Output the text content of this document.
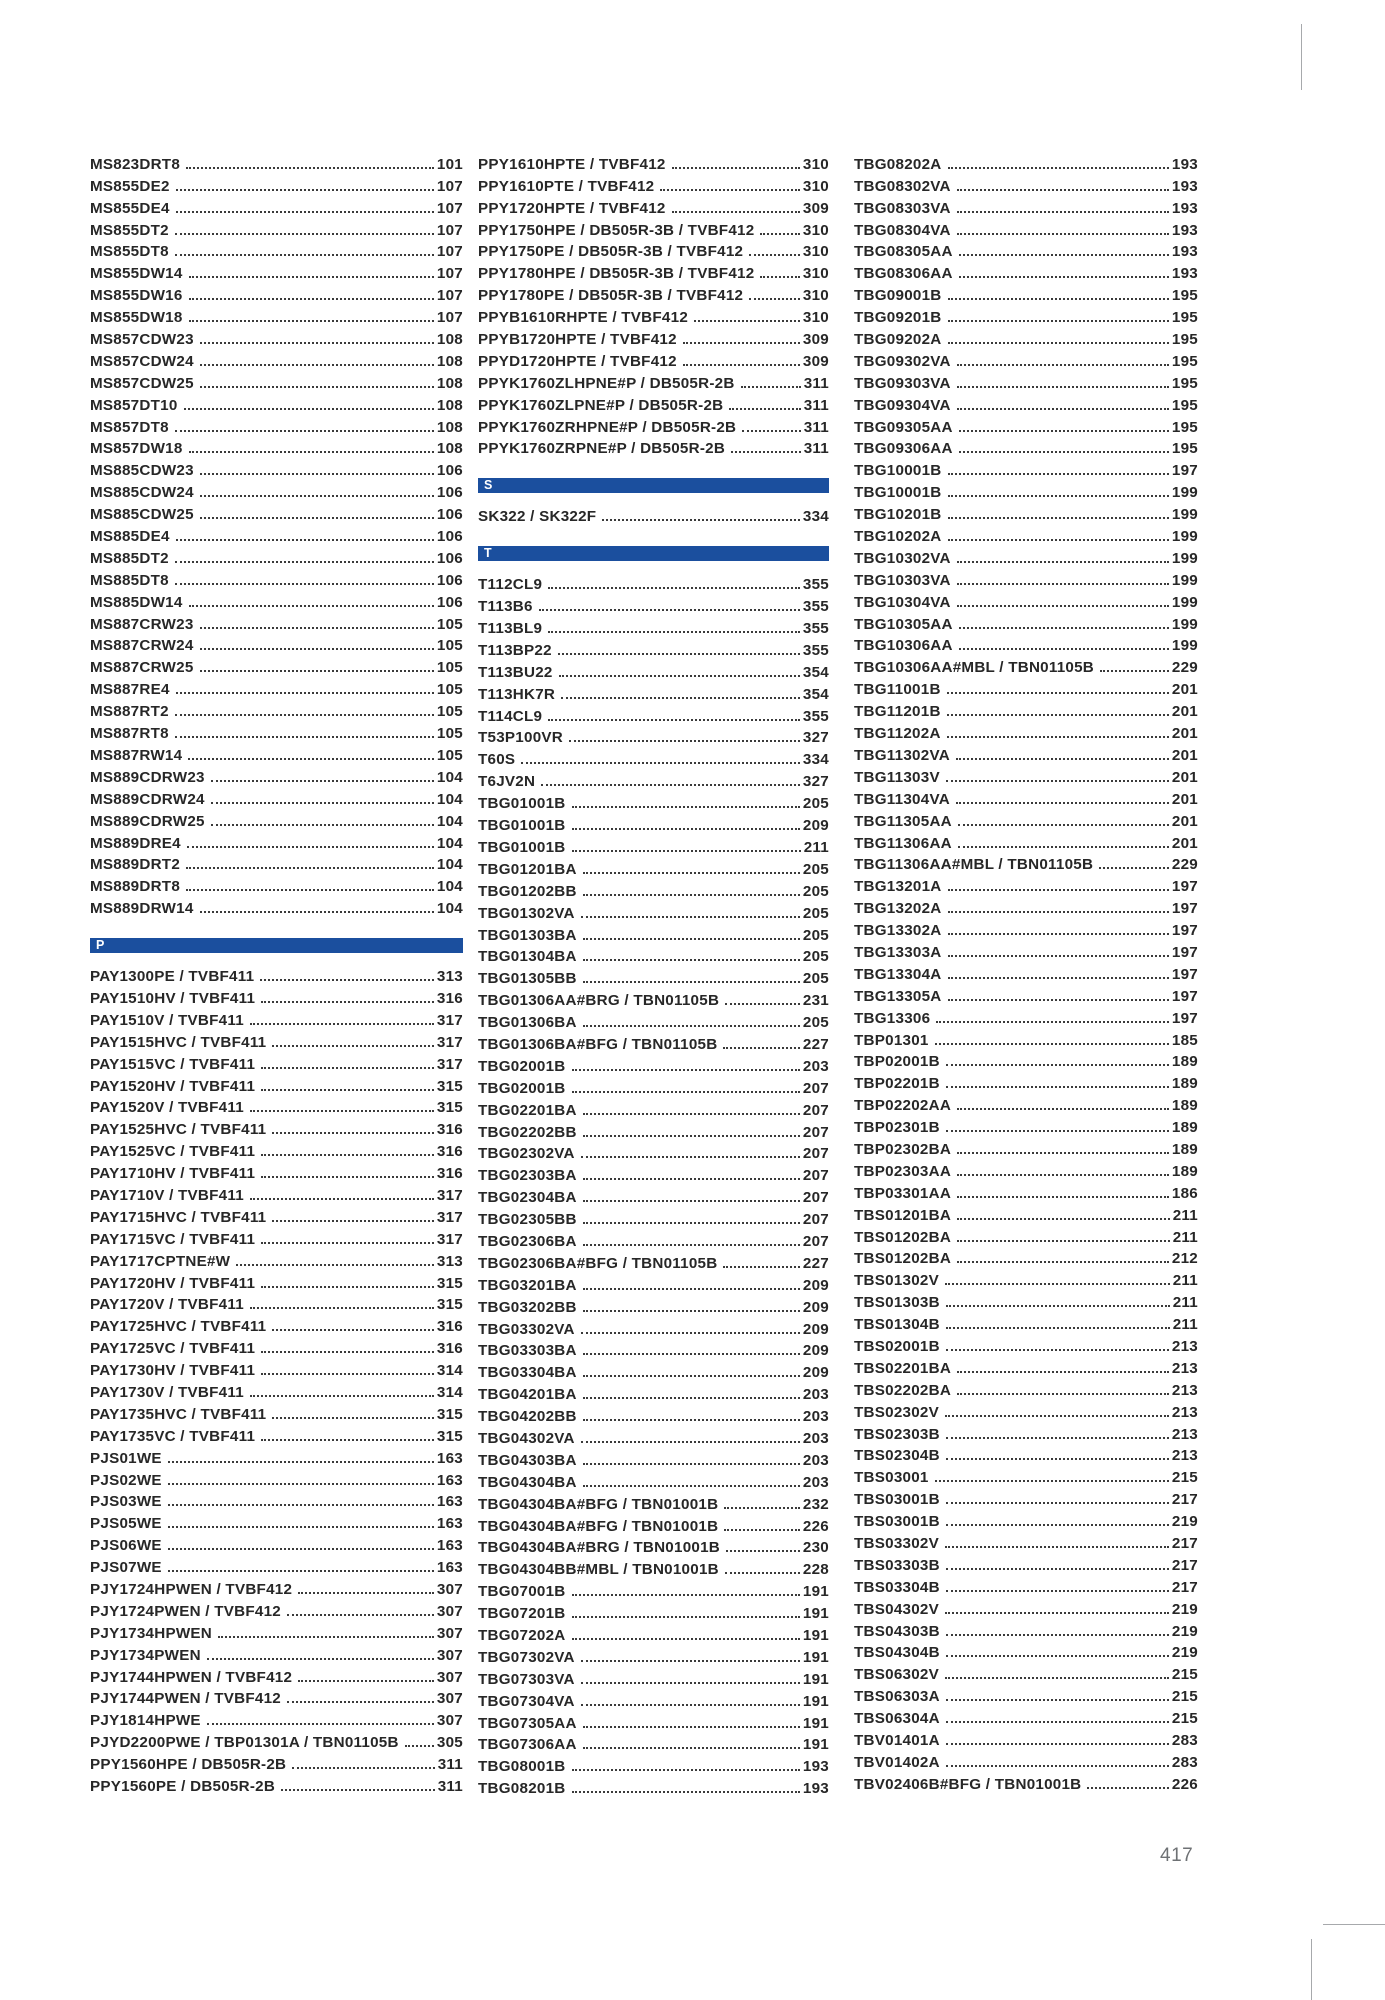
MS823DRT8	101
MS855DE2	107
MS855DE4	107
MS855DT2	107
MS855DT8	107
MS855DW14	107
MS855DW16	107
MS855DW18	107
MS857CDW23	108
MS857CDW24	108
MS857CDW25	108
MS857DT10	108
MS857DT8	108
MS857DW18	108
MS885CDW23	106
MS885CDW24	106
MS885CDW25	106
MS885DE4	106
MS885DT2	106
MS885DT8	106
MS885DW14	106
MS887CRW23	105
MS887CRW24	105
MS887CRW25	105
MS887RE4	105
MS887RT2	105
MS887RT8	105
MS887RW14	105
MS889CDRW23	104
MS889CDRW24	104
MS889CDRW25	104
MS889DRE4	104
MS889DRT2	104
MS889DRT8	104
MS889DRW14	104
P
PAY1300PE / TVBF411	313
PAY1510HV / TVBF411	316
PAY1510V / TVBF411	317
PAY1515HVC / TVBF411	317
PAY1515VC / TVBF411	317
PAY1520HV / TVBF411	315
PAY1520V / TVBF411	315
PAY1525HVC / TVBF411	316
PAY1525VC / TVBF411	316
PAY1710HV / TVBF411	316
PAY1710V / TVBF411	317
PAY1715HVC / TVBF411	317
PAY1715VC / TVBF411	317
PAY1717CPTNE#W	313
PAY1720HV / TVBF411	315
PAY1720V / TVBF411	315
PAY1725HVC / TVBF411	316
PAY1725VC / TVBF411	316
PAY1730HV / TVBF411	314
PAY1730V / TVBF411	314
PAY1735HVC / TVBF411	315
PAY1735VC / TVBF411	315
PJS01WE	163
PJS02WE	163
PJS03WE	163
PJS05WE	163
PJS06WE	163
PJS07WE	163
PJY1724HPWEN / TVBF412	307
PJY1724PWEN / TVBF412	307
PJY1734HPWEN	307
PJY1734PWEN	307
PJY1744HPWEN / TVBF412	307
PJY1744PWEN / TVBF412	307
PJY1814HPWE	307
PJYD2200PWE / TBP01301A / TBN01105B	305
PPY1560HPE / DB505R-2B	311
PPY1560PE / DB505R-2B	311
PPY1610HPTE / TVBF412	310
PPY1610PTE / TVBF412	310
PPY1720HPTE / TVBF412	309
PPY1750HPE / DB505R-3B / TVBF412	310
PPY1750PE / DB505R-3B / TVBF412	310
PPY1780HPE / DB505R-3B / TVBF412	310
PPY1780PE / DB505R-3B / TVBF412	310
PPYB1610RHPTE / TVBF412	310
PPYB1720HPTE / TVBF412	309
PPYD1720HPTE / TVBF412	309
PPYK1760ZLHPNE#P / DB505R-2B	311
PPYK1760ZLPNE#P / DB505R-2B	311
PPYK1760ZRHPNE#P / DB505R-2B	311
PPYK1760ZRPNE#P / DB505R-2B	311
S
SK322 / SK322F	334
T
T112CL9	355
T113B6	355
T113BL9	355
T113BP22	355
T113BU22	354
T113HK7R	354
T114CL9	355
T53P100VR	327
T60S	334
T6JV2N	327
TBG01001B	205
TBG01001B	209
TBG01001B	211
TBG01201BA	205
TBG01202BB	205
TBG01302VA	205
TBG01303BA	205
TBG01304BA	205
TBG01305BB	205
TBG01306AA#BRG / TBN01105B	231
TBG01306BA	205
TBG01306BA#BFG / TBN01105B	227
TBG02001B	203
TBG02001B	207
TBG02201BA	207
TBG02202BB	207
TBG02302VA	207
TBG02303BA	207
TBG02304BA	207
TBG02305BB	207
TBG02306BA	207
TBG02306BA#BFG / TBN01105B	227
TBG03201BA	209
TBG03202BB	209
TBG03302VA	209
TBG03303BA	209
TBG03304BA	209
TBG04201BA	203
TBG04202BB	203
TBG04302VA	203
TBG04303BA	203
TBG04304BA	203
TBG04304BA#BFG / TBN01001B	232
TBG04304BA#BFG / TBN01001B	226
TBG04304BA#BRG / TBN01001B	230
TBG04304BB#MBL / TBN01001B	228
TBG07001B	191
TBG07201B	191
TBG07202A	191
TBG07302VA	191
TBG07303VA	191
TBG07304VA	191
TBG07305AA	191
TBG07306AA	191
TBG08001B	193
TBG08201B	193
TBG08202A	193
TBG08302VA	193
TBG08303VA	193
TBG08304VA	193
TBG08305AA	193
TBG08306AA	193
TBG09001B	195
TBG09201B	195
TBG09202A	195
TBG09302VA	195
TBG09303VA	195
TBG09304VA	195
TBG09305AA	195
TBG09306AA	195
TBG10001B	197
TBG10001B	199
TBG10201B	199
TBG10202A	199
TBG10302VA	199
TBG10303VA	199
TBG10304VA	199
TBG10305AA	199
TBG10306AA	199
TBG10306AA#MBL / TBN01105B	229
TBG11001B	201
TBG11201B	201
TBG11202A	201
TBG11302VA	201
TBG11303V	201
TBG11304VA	201
TBG11305AA	201
TBG11306AA	201
TBG11306AA#MBL / TBN01105B	229
TBG13201A	197
TBG13202A	197
TBG13302A	197
TBG13303A	197
TBG13304A	197
TBG13305A	197
TBG13306	197
TBP01301	185
TBP02001B	189
TBP02201B	189
TBP02202AA	189
TBP02301B	189
TBP02302BA	189
TBP02303AA	189
TBP03301AA	186
TBS01201BA	211
TBS01202BA	211
TBS01202BA	212
TBS01302V	211
TBS01303B	211
TBS01304B	211
TBS02001B	213
TBS02201BA	213
TBS02202BA	213
TBS02302V	213
TBS02303B	213
TBS02304B	213
TBS03001	215
TBS03001B	217
TBS03001B	219
TBS03302V	217
TBS03303B	217
TBS03304B	217
TBS04302V	219
TBS04303B	219
TBS04304B	219
TBS06302V	215
TBS06303A	215
TBS06304A	215
TBV01401A	283
TBV01402A	283
TBV02406B#BFG / TBN01001B	226
417
